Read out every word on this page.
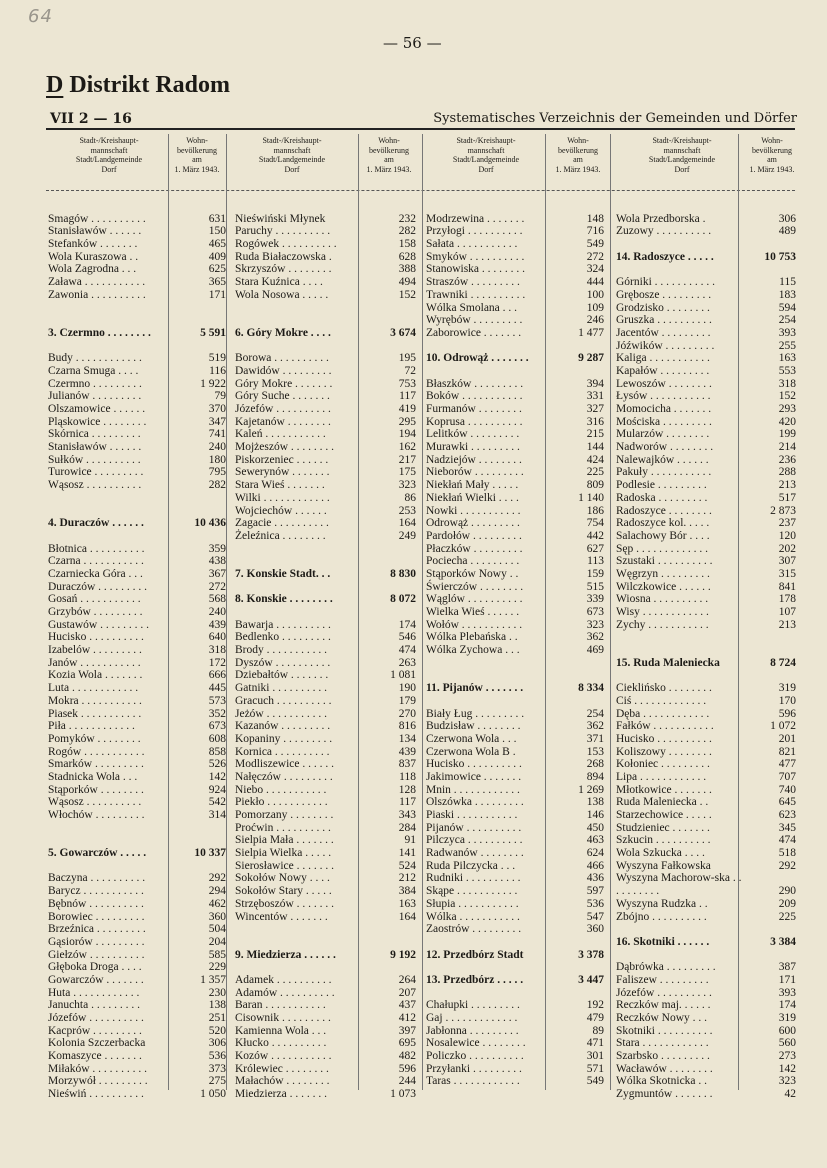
64
— 56 —
D Distrikt Radom
VII 2 — 16	Systematisches Verzeichnis der Gemeinden und Dörfer
Stadt-/Kreishaupt-
mannschaft
Stadt/Landgemeinde
Dorf
Wohn-
bevölkerung
am
1. März 1943.
Stadt-/Kreishaupt-
mannschaft
Stadt/Landgemeinde
Dorf
Wohn-
bevölkerung
am
1. März 1943.
Stadt-/Kreishaupt-
mannschaft
Stadt/Landgemeinde
Dorf
Wohn-
bevölkerung
am
1. März 1943.
Stadt-/Kreishaupt-
mannschaft
Stadt/Landgemeinde
Dorf
Wohn-
bevölkerung
am
1. März 1943.
Smagów . . . . . . . . . .	631
Stanisławów . . . . . .	150
Stefanków . . . . . . .	465
Wola Kuraszowa . .	409
Wola Zagrodna . . .	625
Zaława . . . . . . . . . . .	365
Zawonia . . . . . . . . . .	171
3. Czermno . . . . . . . .	5 591
Budy . . . . . . . . . . . .	519
Czarna Smuga . . . .	116
Czermno . . . . . . . . .	1 922
Julianów . . . . . . . . .	79
Olszamowice . . . . . .	370
Pląskowice . . . . . . . .	347
Skórnica . . . . . . . . .	741
Stanisławów . . . . . .	240
Sułków . . . . . . . . . .	180
Turowice . . . . . . . . .	795
Wąsosz . . . . . . . . . .	282
4. Duraczów . . . . . .	10 436
Błotnica . . . . . . . . . .	359
Czarna . . . . . . . . . . .	438
Czarniecka Góra . . .	367
Duraczów . . . . . . . . .	272
Gosań . . . . . . . . . . .	568
Grzybów . . . . . . . . .	240
Gustawów . . . . . . . . .	439
Hucisko . . . . . . . . . .	640
Izabelów . . . . . . . . .	318
Janów . . . . . . . . . . .	172
Kozia Wola . . . . . . .	666
Luta . . . . . . . . . . . .	445
Mokra . . . . . . . . . . .	573
Piasek . . . . . . . . . . .	352
Piła . . . . . . . . . . . .	673
Pomyków . . . . . . . .	608
Rogów . . . . . . . . . . .	858
Smarków . . . . . . . . .	526
Stadnicka Wola . . .	142
Stąporków . . . . . . . .	924
Wąsosz . . . . . . . . . .	542
Włochów . . . . . . . . .	314
5. Gowarczów . . . . .	10 337
Baczyna . . . . . . . . . .	292
Barycz . . . . . . . . . . .	294
Bębnów . . . . . . . . . .	462
Borowiec . . . . . . . . .	360
Brzeźnica . . . . . . . . .	504
Gąsiorów . . . . . . . . .	204
Giełzów . . . . . . . . . .	585
Głęboka Droga . . . .	229
Gowarczów . . . . . . .	1 357
Huta . . . . . . . . . . . .	230
Januchta . . . . . . . . .	138
Józefów . . . . . . . . . .	251
Kacprów . . . . . . . . .	520
Kolonia Szczerbacka	306
Komaszyce . . . . . . .	536
Miłaków . . . . . . . . . .	373
Morzywół . . . . . . . . .	275
Nieświń . . . . . . . . . .	1 050
Nieświński Młynek	232
Paruchy . . . . . . . . . .	282
Rogówek . . . . . . . . . .	158
Ruda Białaczowska .	628
Skrzyszów . . . . . . . .	388
Stara Kuźnica . . . .	494
Wola Nosowa . . . . .	152
6. Góry Mokre . . . .	3 674
Borowa . . . . . . . . . .	195
Dawidów . . . . . . . . .	72
Góry Mokre . . . . . . .	753
Góry Suche . . . . . . .	117
Józefów . . . . . . . . . .	419
Kajetanów . . . . . . . .	295
Kaleń . . . . . . . . . . .	194
Mojżeszów . . . . . . . .	162
Piskorzeniec . . . . . .	217
Sewerynów . . . . . . .	175
Stara Wieś . . . . . . .	323
Wilki . . . . . . . . . . . .	86
Wojciechów . . . . . .	253
Zagacie . . . . . . . . . .	164
Żeleźnica . . . . . . . .	249
7. Konskie Stadt. . .	8 830
8. Konskie . . . . . . . .	8 072
Bawarja . . . . . . . . . .	174
Bedlenko . . . . . . . . .	546
Brody . . . . . . . . . . .	474
Dyszów . . . . . . . . . .	263
Dziebałtów . . . . . . .	1 081
Gatniki . . . . . . . . . .	190
Gracuch . . . . . . . . . .	179
Jeżów . . . . . . . . . . .	270
Kazanów . . . . . . . . .	816
Kopaniny . . . . . . . . .	134
Kornica . . . . . . . . . .	439
Modliszewice . . . . . .	837
Nałęczów . . . . . . . . .	118
Niebo . . . . . . . . . . .	128
Piekło . . . . . . . . . . .	117
Pomorzany . . . . . . . .	343
Proćwin . . . . . . . . . .	284
Sielpia Mała . . . . . . .	91
Sielpia Wielka . . . . .	141
Sierosławice . . . . . . .	524
Sokołów Nowy . . . .	212
Sokołów Stary . . . . .	384
Strzęboszów . . . . . . .	163
Wincentów . . . . . . .	164
9. Miedzierza . . . . . .	9 192
Adamek . . . . . . . . . .	264
Adamów . . . . . . . . . .	207
Baran . . . . . . . . . . .	437
Cisownik . . . . . . . . .	412
Kamienna Wola . . .	397
Kłucko . . . . . . . . . .	695
Kozów . . . . . . . . . . .	482
Królewiec . . . . . . . .	596
Małachów . . . . . . . .	244
Miedzierza . . . . . . .	1 073
Modrzewina . . . . . . .	148
Przyłogi . . . . . . . . . .	716
Sałata . . . . . . . . . . .	549
Smyków . . . . . . . . . .	272
Stanowiska . . . . . . . .	324
Straszów . . . . . . . . .	444
Trawniki . . . . . . . . . .	100
Wólka Smolana . . .	109
Wyrębów . . . . . . . . .	246
Zaborowice . . . . . . .	1 477
10. Odrowąż . . . . . . .	9 287
Błaszków . . . . . . . . .	394
Boków . . . . . . . . . . .	331
Furmanów . . . . . . . .	327
Koprusa . . . . . . . . . .	316
Lelitków . . . . . . . . .	215
Murawki . . . . . . . . .	144
Nadziejów . . . . . . . .	424
Nieborów . . . . . . . . .	225
Niekłań Mały . . . . .	809
Niekłań Wielki . . . .	1 140
Nowki . . . . . . . . . . .	186
Odrowąż . . . . . . . . .	754
Pardołów . . . . . . . . .	442
Płaczków . . . . . . . . .	627
Pociecha . . . . . . . . .	113
Stąporków Nowy . .	159
Świerczów . . . . . . . .	515
Wąglów . . . . . . . . . .	339
Wielka Wieś . . . . . .	673
Wołów . . . . . . . . . . .	323
Wólka Plebańska . .	362
Wólka Zychowa . . .	469
11. Pijanów . . . . . . .	8 334
Biały Ług . . . . . . . . .	254
Budzisław . . . . . . . .	362
Czerwona Wola . . .	371
Czerwona Wola B .	153
Hucisko . . . . . . . . . .	268
Jakimowice . . . . . . .	894
Mnin . . . . . . . . . . . .	1 269
Olszówka . . . . . . . . .	138
Piaski . . . . . . . . . . .	146
Pijanów . . . . . . . . . .	450
Pilczyca . . . . . . . . . .	463
Radwanów . . . . . . . .	624
Ruda Pilczycka . . .	466
Rudniki . . . . . . . . . .	436
Skąpe . . . . . . . . . . .	597
Słupia . . . . . . . . . . .	536
Wólka . . . . . . . . . . .	547
Zaostrów . . . . . . . . .	360
12. Przedbórz Stadt	3 378
13. Przedbórz . . . . .	3 447
Chałupki . . . . . . . . .	192
Gaj . . . . . . . . . . . . .	479
Jabłonna . . . . . . . . .	89
Nosalewice . . . . . . . .	471
Policzko . . . . . . . . . .	301
Przyłanki . . . . . . . . .	571
Taras . . . . . . . . . . . .	549
Wola Przedborska .	306
Zuzowy . . . . . . . . . .	489
14. Radoszyce . . . . .	10 753
Górniki . . . . . . . . . . .	115
Grębosze . . . . . . . . .	183
Grodzisko . . . . . . . .	594
Gruszka . . . . . . . . . .	254
Jacentów . . . . . . . . .	393
Jóźwików . . . . . . . . .	255
Kaliga . . . . . . . . . . .	163
Kapałów . . . . . . . . .	553
Lewoszów . . . . . . . .	318
Łysów . . . . . . . . . . .	152
Momocicha . . . . . . .	293
Mościska . . . . . . . . .	420
Mularzów . . . . . . . .	199
Nadworów . . . . . . . .	214
Nalewajków . . . . . .	236
Pakuły . . . . . . . . . . .	288
Podlesie . . . . . . . . .	213
Radoska . . . . . . . . .	517
Radoszyce . . . . . . . .	2 873
Radoszyce kol. . . . .	237
Salachowy Bór . . . .	120
Sęp . . . . . . . . . . . . .	202
Szustaki . . . . . . . . . .	307
Węgrzyn . . . . . . . . .	315
Wilczkowice . . . . . .	841
Wiosna . . . . . . . . . .	178
Wisy . . . . . . . . . . . .	107
Zychy . . . . . . . . . . .	213
15. Ruda Maleniecka	8 724
Cieklińsko . . . . . . . .	319
Ciś . . . . . . . . . . . . .	170
Dęba . . . . . . . . . . . .	596
Fałków . . . . . . . . . . .	1 072
Hucisko . . . . . . . . . .	201
Koliszowy . . . . . . . .	821
Kołoniec . . . . . . . . .	477
Lipa . . . . . . . . . . . .	707
Młotkowice . . . . . . .	740
Ruda Maleniecka . .	645
Starzechowice . . . . .	623
Studzieniec . . . . . . .	345
Szkucin . . . . . . . . . .	474
Wola Szkucka . . . .	518
Wyszyna Fałkowska	292
Wyszyna Machorow-ska . . . . . . . . . .	290
Wyszyna Rudzka . .	209
Zbójno . . . . . . . . . .	225
16. Skotniki . . . . . .	3 384
Dąbrówka . . . . . . . . .	387
Faliszew . . . . . . . . .	171
Józefów . . . . . . . . . .	393
Reczków maj. . . . . .	174
Reczków Nowy . . .	319
Skotniki . . . . . . . . . .	600
Stara . . . . . . . . . . . .	560
Szarbsko . . . . . . . . .	273
Wacławów . . . . . . . .	142
Wólka Skotnicka . .	323
Zygmuntów . . . . . . .	42
